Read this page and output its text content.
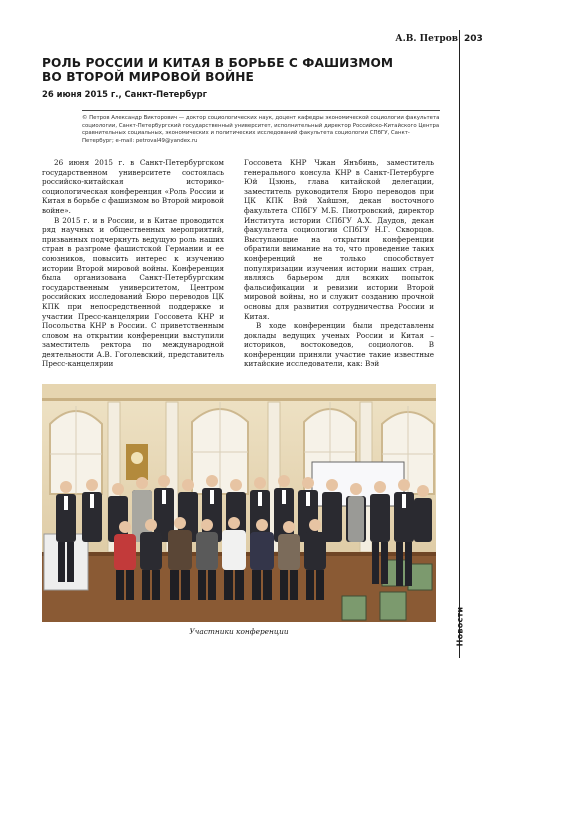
А.В. Петров 203
Новости
РОЛЬ РОССИИ И КИТАЯ В БОРЬБЕ С ФАШИЗМОМ
ВО ВТОРОЙ МИРОВОЙ ВОЙНЕ
26 июня 2015 г., Санкт-Петербург
© Петров Александр Викторович — доктор социологических наук, доцент кафедры экономической социологии факультета социологии, Санкт-Петербургский государственный университет, исполнительный директор Российско-Китайского Центра сравнительных социальных, экономических и политических исследований факультета социологии СПбГУ, Санкт-Петербург; e-mail: petroval49@yandex.ru

26 июня 2015 г. в Санкт-Петербургском государственном университете состоялась российско-китайская историко-социологическая конференция «Роль России и Китая в борьбе с фашизмом во Второй мировой войне».

В 2015 г. и в России, и в Китае проводится ряд научных и общественных мероприятий, призванных подчеркнуть ведущую роль наших стран в разгроме фашистской Германии и ее союзников, повысить интерес к изучению истории Второй мировой войны. Конференция была организована Санкт-Петербургским государственным университетом, Центром российских исследований Бюро переводов ЦК КПК при непосредственной поддержке и участии Пресс-канцелярии Госсовета КНР и Посольства КНР в России. С приветственным словом на открытии конференции выступили заместитель ректора по международной деятельности А.В. Гоголевский, представитель Пресс-канцелярии

Госсовета КНР Чжан Янъбинь, заместитель генерального консула КНР в Санкт-Петербурге Юй Цзюнь, глава китайской делегации, заместитель руководителя Бюро переводов при ЦК КПК Вэй Хайшэн, декан восточного факультета СПбГУ М.Б. Пиотровский, директор Института истории СПбГУ А.Х. Даудов, декан факультета социологии СПбГУ Н.Г. Скворцов. Выступающие на открытии конференции обратили внимание на то, что проведение таких конференций не только способствует популяризации изучения истории наших стран, являясь барьером для всяких попыток фальсификации и ревизии истории Второй мировой войны, но и служит созданию прочной основы для развития сотрудничества России и Китая.

В ходе конференции были представлены доклады ведущих ученых России и Китая – историков, востоковедов, социологов. В конференции приняли участие такие известные китайские исследователи, как: Вэй

Участники конференции
